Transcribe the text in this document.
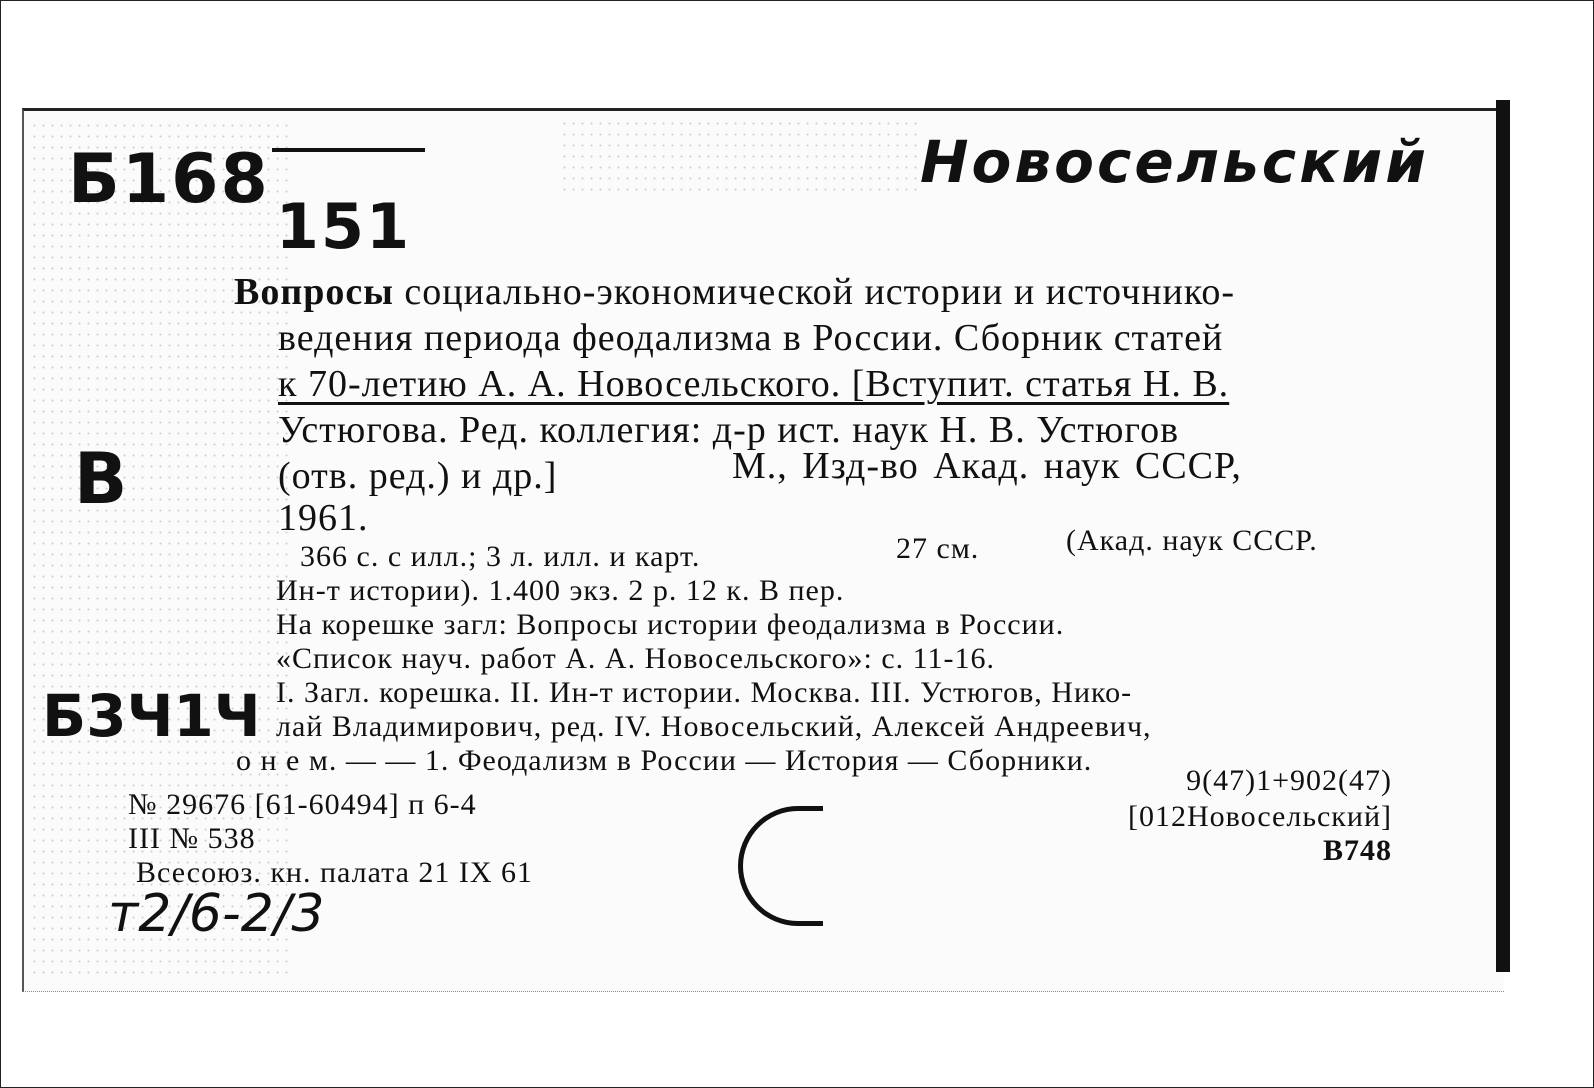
Б168151
Новосельский
В
Б3Ч1Ч
т2/6-2/3
Вопросы социально-экономической истории и источнико-
ведения периода феодализма в России. Сборник статей
к 70-летию А. А. Новосельского. [Вступит. статья Н. В.
Устюгова. Ред. коллегия: д-р ист. наук Н. В. Устюгов
(отв. ред.) и др.]	М., Изд-во Акад. наук СССР,
1961.
366 с. с илл.; 3 л. илл. и карт.	27 см.	(Акад. наук СССР.
Ин-т истории). 1.400 экз. 2 р. 12 к. В пер.
На корешке загл: Вопросы истории феодализма в России.
«Список науч. работ А. А. Новосельского»: с. 11-16.
I. Загл. корешка. II. Ин-т истории. Москва. III. Устюгов, Нико-
лай Владимирович, ред. IV. Новосельский, Алексей Андреевич,
о н е м. — — 1. Феодализм в России — История — Сборники.
№ 29676 [61-60494] п 6-4
III № 538
Всесоюз. кн. палата 21 IX 61
9(47)1+902(47)
[012Новосельский]
В748
